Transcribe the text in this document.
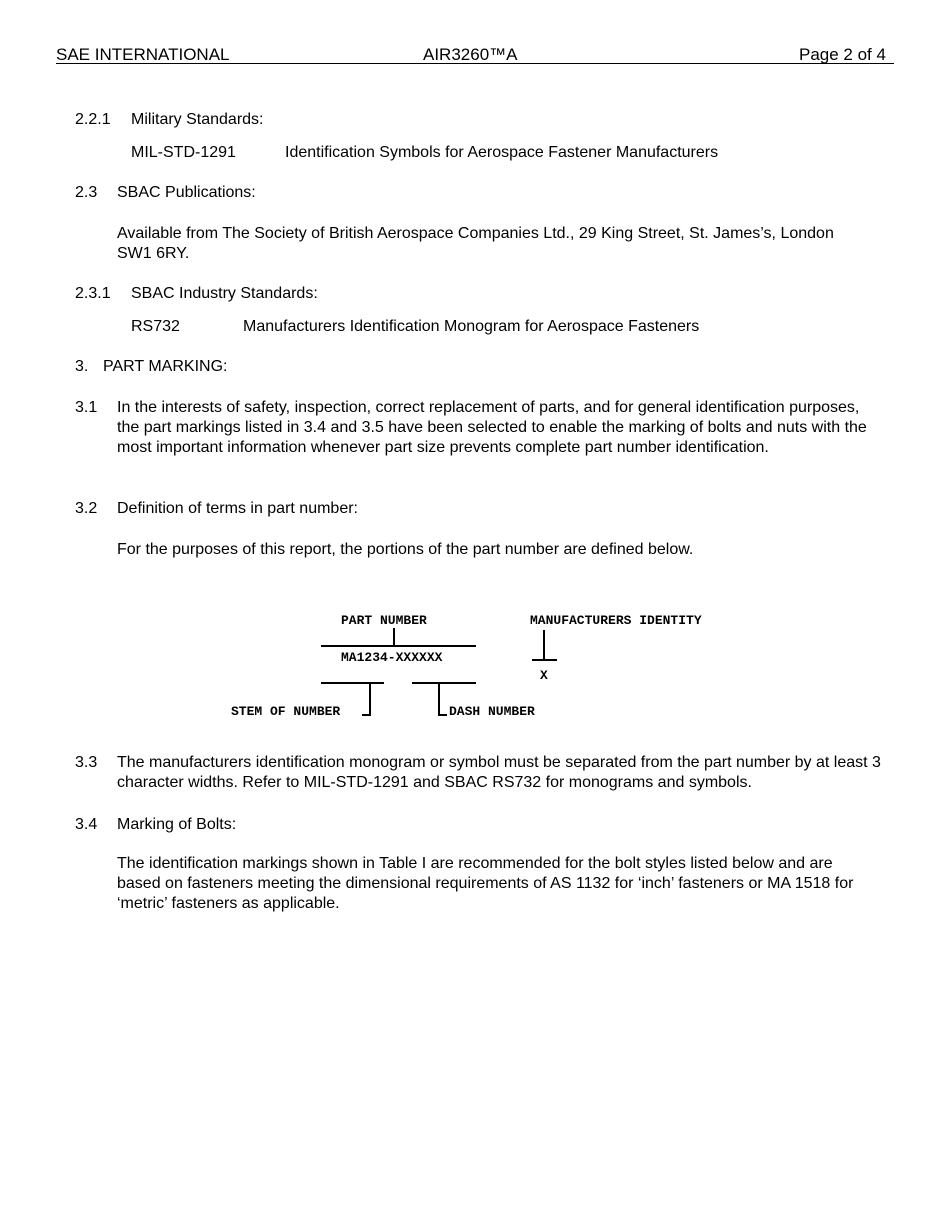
SAE INTERNATIONAL	AIR3260™A	Page 2 of 4
2.2.1 Military Standards:
MIL-STD-1291	Identification Symbols for Aerospace Fastener Manufacturers
2.3 SBAC Publications:
Available from The Society of British Aerospace Companies Ltd., 29 King Street, St. James’s, London SW1 6RY.
2.3.1 SBAC Industry Standards:
RS732	Manufacturers Identification Monogram for Aerospace Fasteners
3. PART MARKING:
3.1 In the interests of safety, inspection, correct replacement of parts, and for general identification purposes, the part markings listed in 3.4 and 3.5 have been selected to enable the marking of bolts and nuts with the most important information whenever part size prevents complete part number identification.
3.2 Definition of terms in part number:
For the purposes of this report, the portions of the part number are defined below.
PART NUMBER	MANUFACTURERS IDENTITY
MA1234-XXXXXX
X
STEM OF NUMBER	DASH NUMBER
3.3 The manufacturers identification monogram or symbol must be separated from the part number by at least 3 character widths. Refer to MIL-STD-1291 and SBAC RS732 for monograms and symbols.
3.4 Marking of Bolts:
The identification markings shown in Table I are recommended for the bolt styles listed below and are based on fasteners meeting the dimensional requirements of AS 1132 for ‘inch’ fasteners or MA 1518 for ‘metric’ fasteners as applicable.
